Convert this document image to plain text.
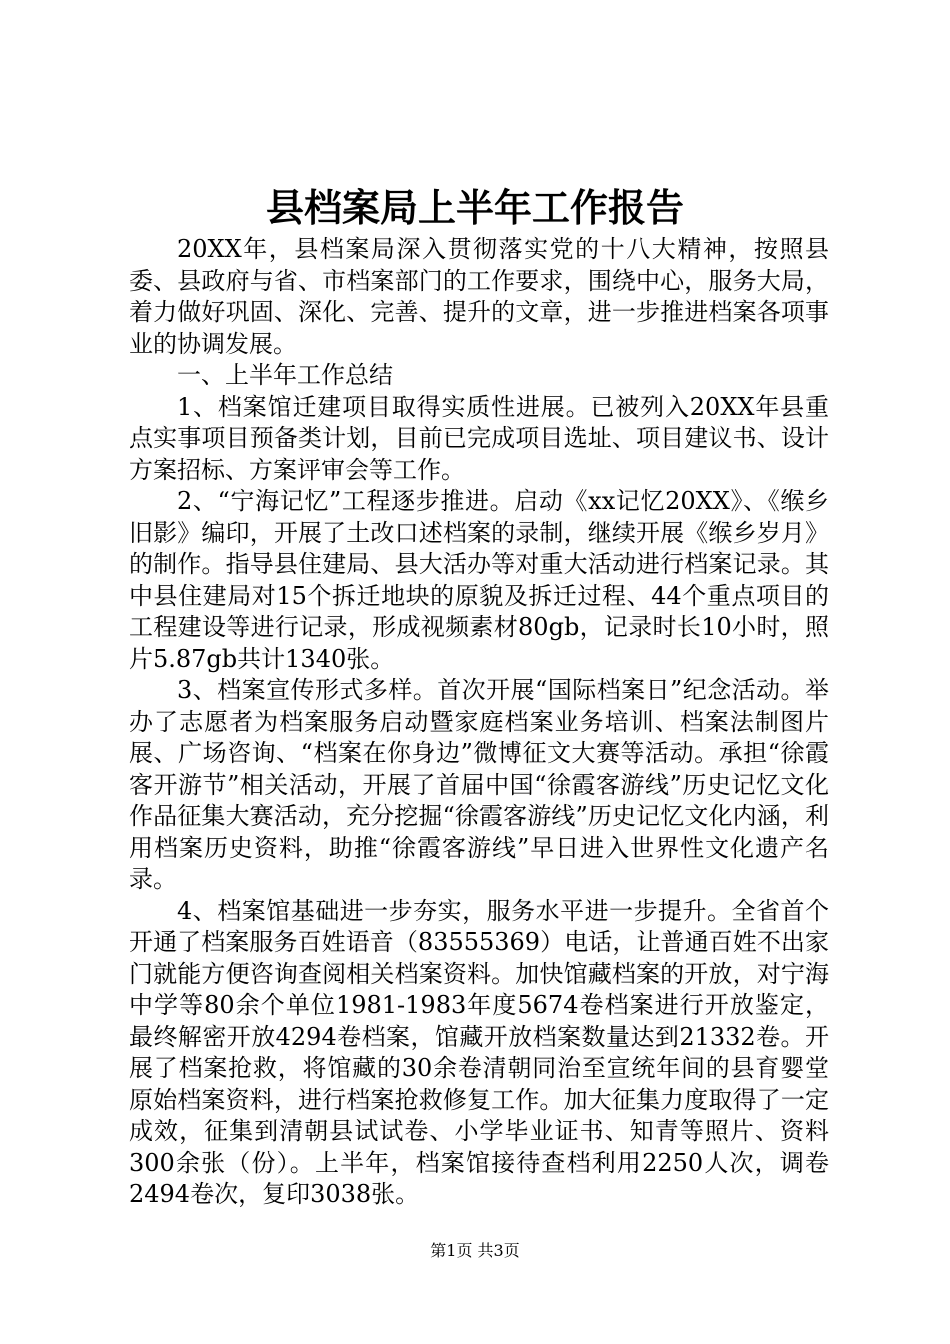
县档案局上半年工作报告

20XX年，县档案局深入贯彻落实党的十八大精神，按照县委、县政府与省、市档案部门的工作要求，围绕中心，服务大局，着力做好巩固、深化、完善、提升的文章，进一步推进档案各项事业的协调发展。

一、上半年工作总结

1、档案馆迁建项目取得实质性进展。已被列入20XX年县重点实事项目预备类计划，目前已完成项目选址、项目建议书、设计方案招标、方案评审会等工作。

2、“宁海记忆”工程逐步推进。启动《xx记忆20XX》、《缑乡旧影》编印，开展了土改口述档案的录制，继续开展《缑乡岁月》的制作。指导县住建局、县大活办等对重大活动进行档案记录。其中县住建局对15个拆迁地块的原貌及拆迁过程、44个重点项目的工程建设等进行记录，形成视频素材80gb，记录时长10小时，照片5.87gb共计1340张。

3、档案宣传形式多样。首次开展“国际档案日”纪念活动。举办了志愿者为档案服务启动暨家庭档案业务培训、档案法制图片展、广场咨询、“档案在你身边”微博征文大赛等活动。承担“徐霞客开游节”相关活动，开展了首届中国“徐霞客游线”历史记忆文化作品征集大赛活动，充分挖掘“徐霞客游线”历史记忆文化内涵，利用档案历史资料，助推“徐霞客游线”早日进入世界性文化遗产名录。

4、档案馆基础进一步夯实，服务水平进一步提升。全省首个开通了档案服务百姓语音（83555369）电话，让普通百姓不出家门就能方便咨询查阅相关档案资料。加快馆藏档案的开放，对宁海中学等80余个单位1981-1983年度5674卷档案进行开放鉴定，最终解密开放4294卷档案，馆藏开放档案数量达到21332卷。开展了档案抢救，将馆藏的30余卷清朝同治至宣统年间的县育婴堂原始档案资料，进行档案抢救修复工作。加大征集力度取得了一定成效，征集到清朝县试试卷、小学毕业证书、知青等照片、资料300余张（份）。上半年，档案馆接待查档利用2250人次，调卷2494卷次，复印3038张。

第1页 共3页
